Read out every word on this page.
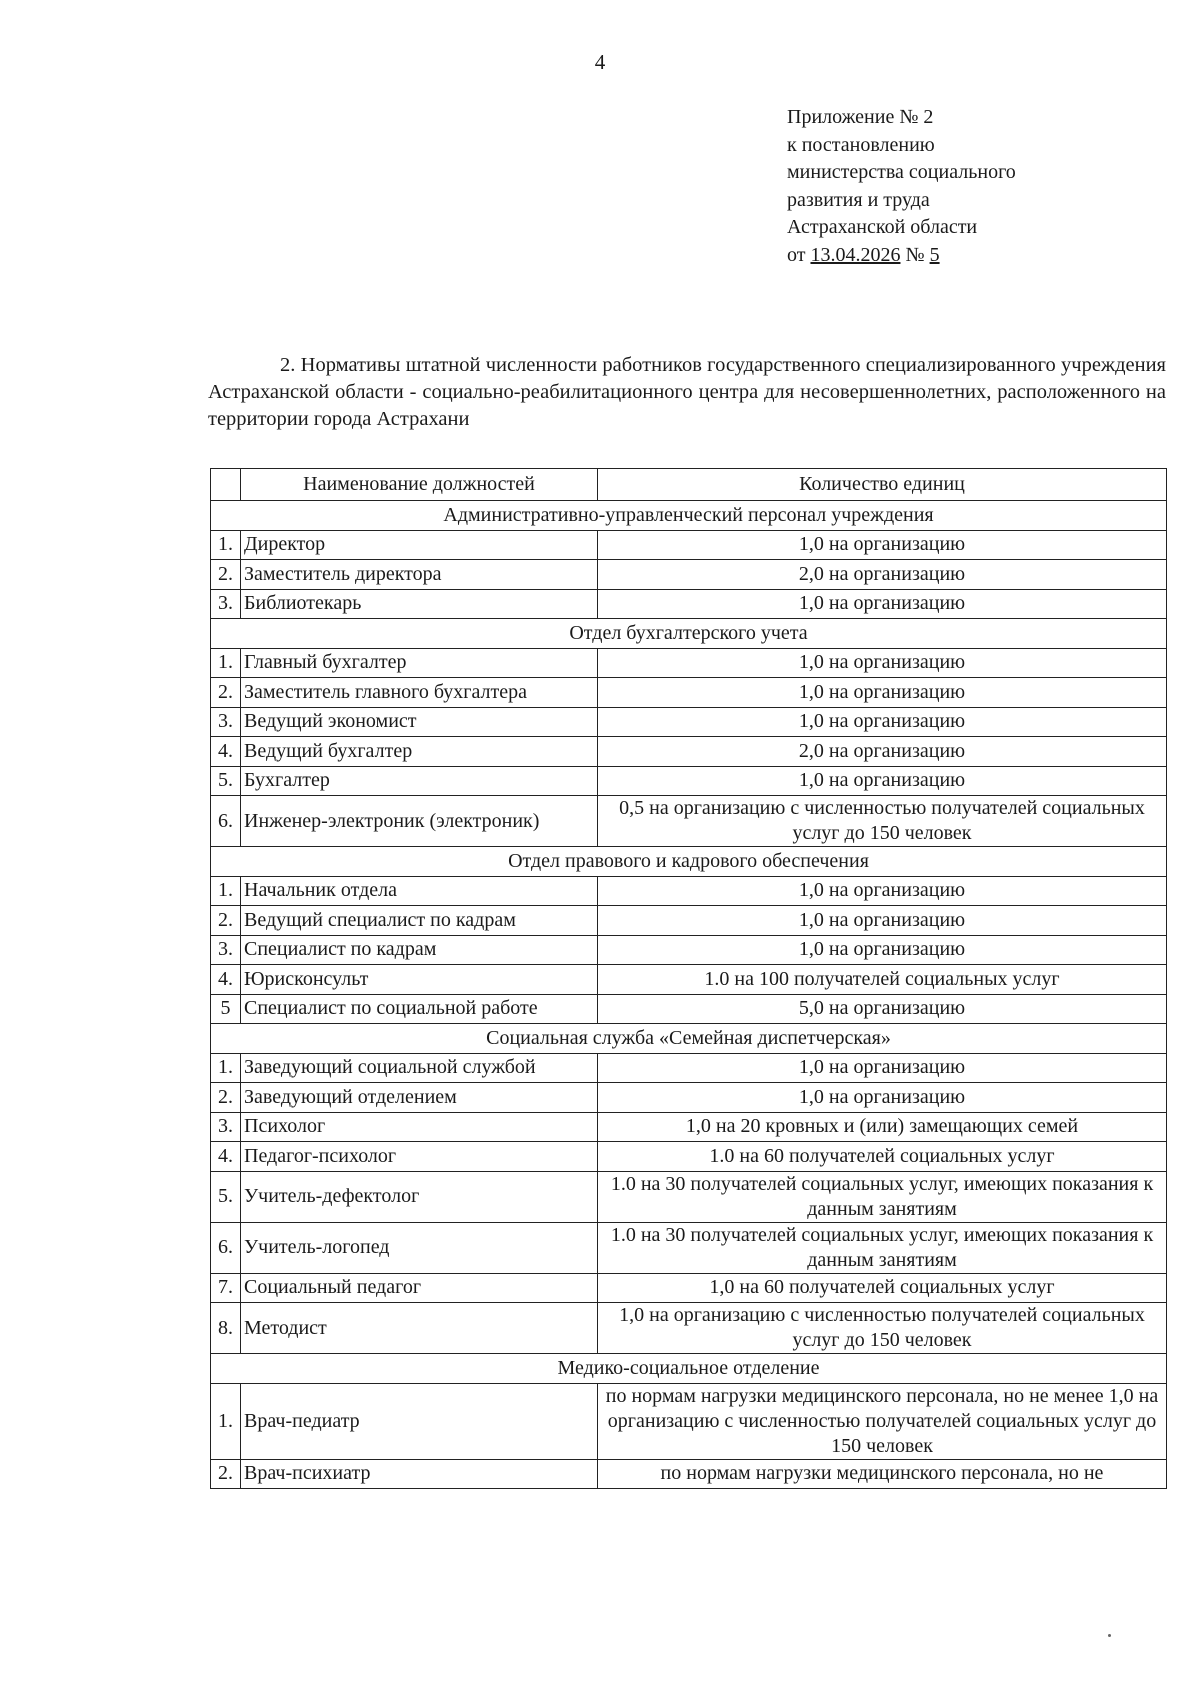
4
Приложение № 2
к постановлению
министерства социального
развития и труда
Астраханской области
от 13.04.2026 № 5

2. Нормативы штатной численности работников государственного специализированного учреждения Астраханской области - социально-реабилитационного центра для несовершеннолетних, расположенного на территории города Астрахани

	Наименование должностей	Количество единиц
Административно-управленческий персонал учреждения		
1.	Директор	1,0 на организацию
2.	Заместитель директора	2,0 на организацию
3.	Библиотекарь	1,0 на организацию
Отдел бухгалтерского учета		
1.	Главный бухгалтер	1,0 на организацию
2.	Заместитель главного бухгалтера	1,0 на организацию
3.	Ведущий экономист	1,0 на организацию
4.	Ведущий бухгалтер	2,0 на организацию
5.	Бухгалтер	1,0 на организацию
6.	Инженер-электроник (электроник)	0,5 на организацию с численностью получателей социальных услуг до 150 человек
Отдел правового и кадрового обеспечения		
1.	Начальник отдела	1,0 на организацию
2.	Ведущий специалист по кадрам	1,0 на организацию
3.	Специалист по кадрам	1,0 на организацию
4.	Юрисконсульт	1.0 на 100 получателей социальных услуг
5	Специалист по социальной работе	5,0 на организацию
Социальная служба «Семейная диспетчерская»		
1.	Заведующий социальной службой	1,0 на организацию
2.	Заведующий отделением	1,0 на организацию
3.	Психолог	1,0 на 20 кровных и (или) замещающих семей
4.	Педагог-психолог	1.0 на 60 получателей социальных услуг
5.	Учитель-дефектолог	1.0 на 30 получателей социальных услуг, имеющих показания к данным занятиям
6.	Учитель-логопед	1.0 на 30 получателей социальных услуг, имеющих показания к данным занятиям
7.	Социальный педагог	1,0 на 60 получателей социальных услуг
8.	Методист	1,0 на организацию с численностью получателей социальных услуг до 150 человек
Медико-социальное отделение		
1.	Врач-педиатр	по нормам нагрузки медицинского персонала, но не менее 1,0 на организацию с численностью получателей социальных услуг до 150 человек
2.	Врач-психиатр	по нормам нагрузки медицинского персонала, но не
